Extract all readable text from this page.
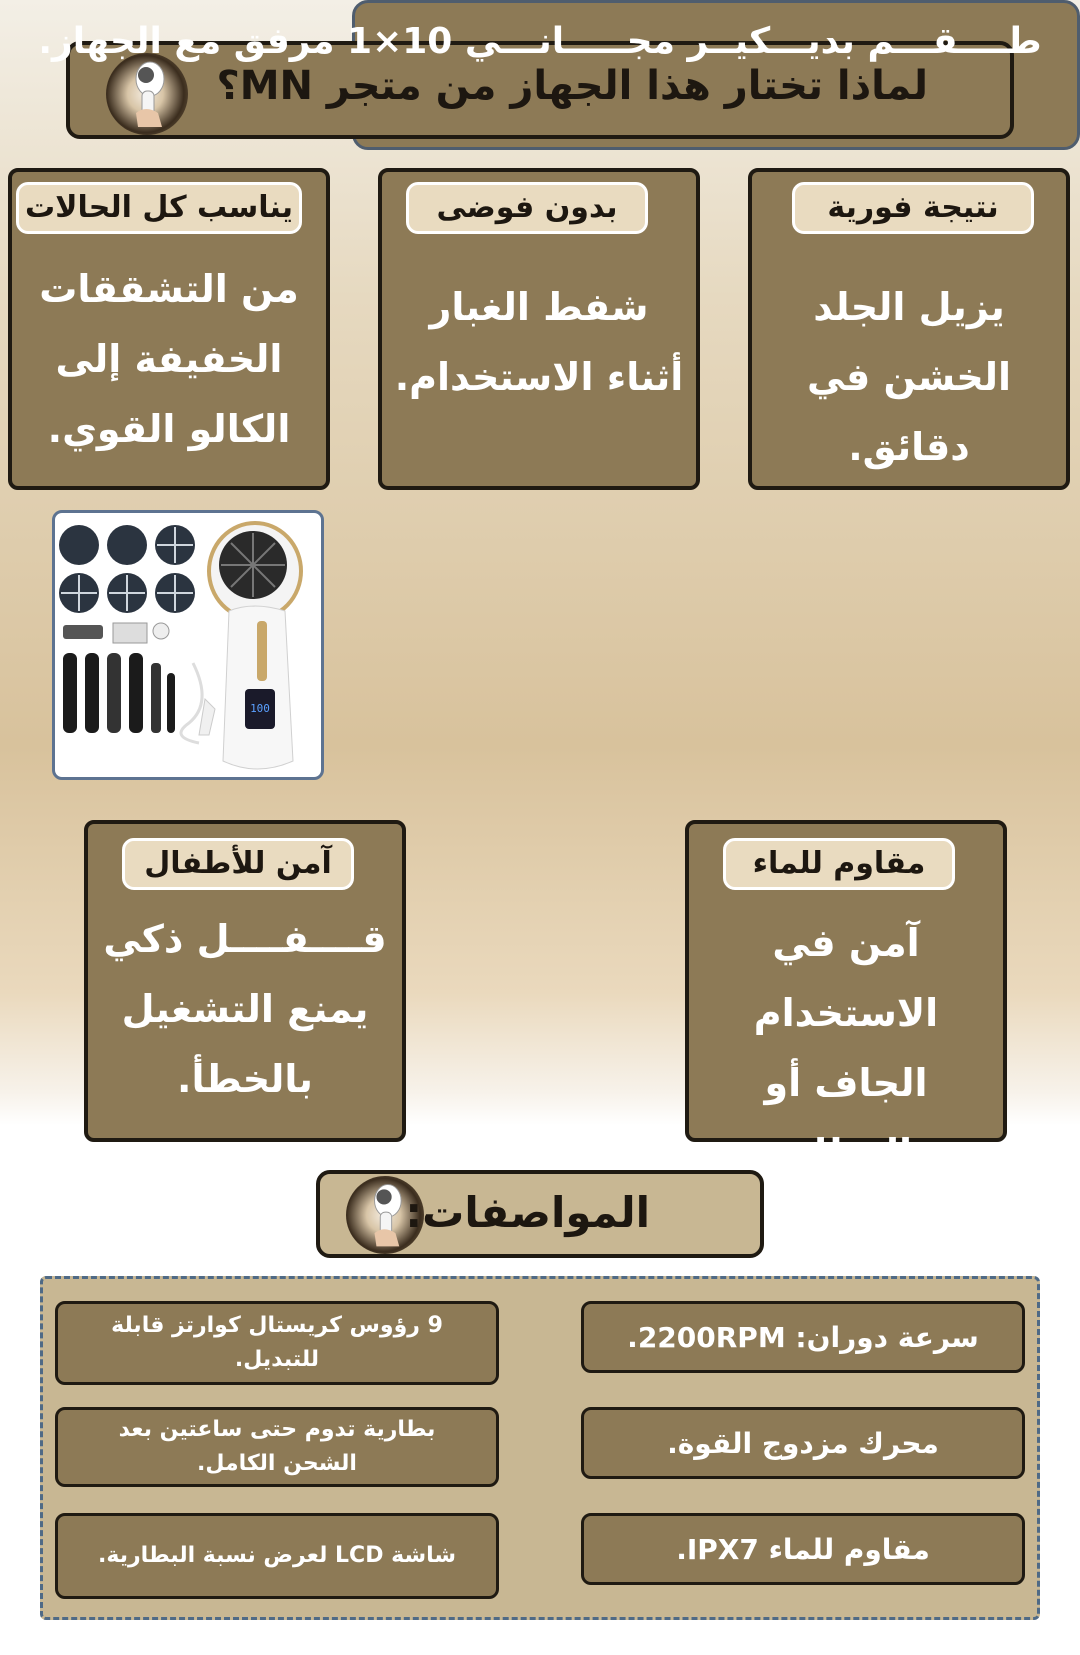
لماذا تختار هذا الجهاز من متجر MN؟
نتيجة فورية
يزيل الجلد الخشن في دقائق.
بدون فوضى
شفط الغبار أثناء الاستخدام.
يناسب كل الحالات
من التشققات الخفيفة إلى الكالو القوي.
طــــقـــم بديـــكيــر مجـــــانـــي 10×1 مرفق مع الجهاز.
100
مقاوم للماء
آمن في الاستخدام الجاف أو المبلل.
آمن للأطفال
قــــفــــل ذكي يمنع التشغيل بالخطأ.
المواصفات:
سرعة دوران: 2200RPM.
9 رؤوس كريستال كوارتز قابلة للتبديل.
محرك مزدوج القوة.
بطارية تدوم حتى ساعتين بعد الشحن الكامل.
مقاوم للماء IPX7.
شاشة LCD لعرض نسبة البطارية.
